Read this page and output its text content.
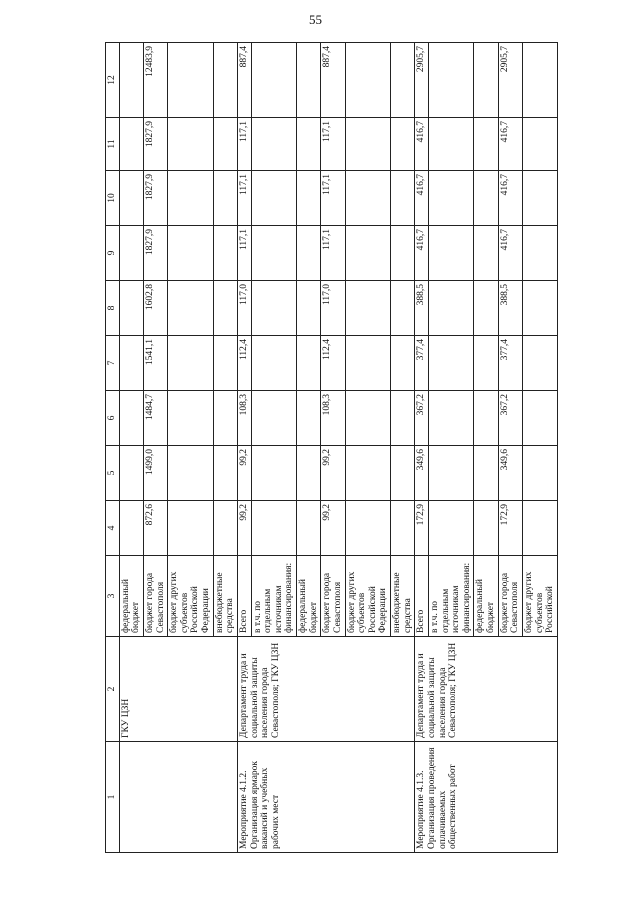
55
1	2	3	4	5	6	7	8	9	10	11	12
	ГКУ ЦЗН	федеральный бюджет									
		бюджет города Севастополя	872,6	1499,0	1484,7	1541,1	1602,8	1827,9	1827,9	1827,9	12483,9
		бюджет других субъектов Российской Федерации									
		внебюджетные средства									
Мероприятие 4.1.2. Организация ярмарок вакансий и учебных рабочих мест	Департамент труда и социальной защиты населения города Севастополя; ГКУ ЦЗН	Всего	99,2	99,2	108,3	112,4	117,0	117,1	117,1	117,1	887,4
		в т.ч. по отдельным источникам финансирования:									
		федеральный бюджет									
		бюджет города Севастополя	99,2	99,2	108,3	112,4	117,0	117,1	117,1	117,1	887,4
		бюджет других субъектов Российской Федерации									
		внебюджетные средства									
Мероприятие 4.1.3. Организация проведения оплачиваемых общественных работ	Департамент труда и социальной защиты населения города Севастополя; ГКУ ЦЗН	Всего	172,9	349,6	367,2	377,4	388,5	416,7	416,7	416,7	2905,7
		в т.ч. по отдельным источникам финансирования:									
		федеральный бюджет									
		бюджет города Севастополя	172,9	349,6	367,2	377,4	388,5	416,7	416,7	416,7	2905,7
		бюджет других субъектов Российской									
